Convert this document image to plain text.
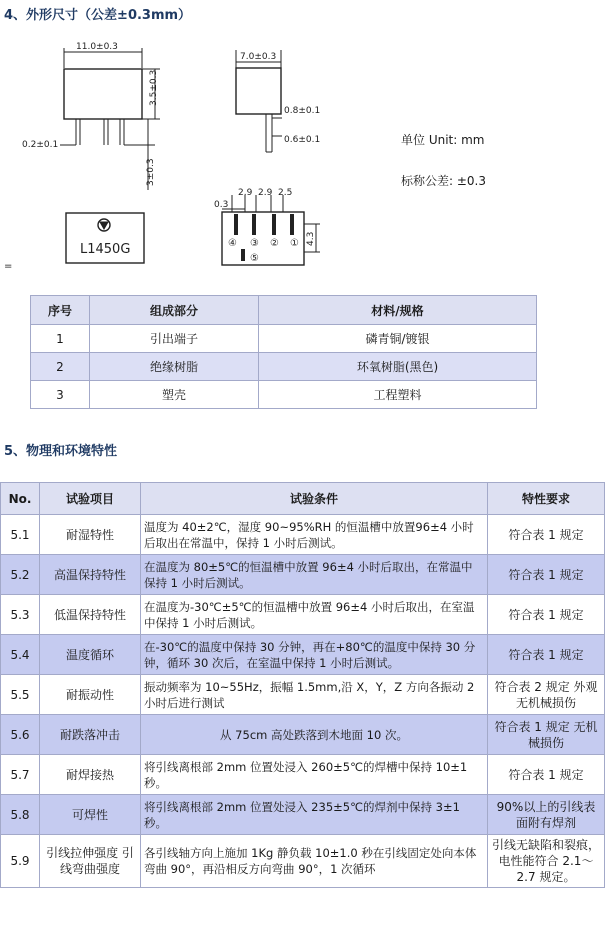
4、外形尺寸（公差±0.3mm）
11.0±0.3
3.5±0.3
0.2±0.1
3±0.3
7.0±0.3
0.8±0.1
0.6±0.1
L1450G
0.3
2.9 2.9 2.5
4.3
④ ③ ② ①
⑤
单位 Unit: mm
标称公差: ±0.3
=
序号	组成部分	材料/规格
1	引出端子	磷青铜/镀银
2	绝缘树脂	环氧树脂(黑色)
3	塑壳	工程塑料
5、物理和环境特性
No.	试验项目	试验条件	特性要求
5.1	耐湿特性	温度为 40±2℃，湿度 90~95%RH 的恒温槽中放置96±4 小时后取出在常温中，保持 1 小时后测试。	符合表 1 规定
5.2	高温保持特性	在温度为 80±5℃的恒温槽中放置 96±4 小时后取出，在常温中保持 1 小时后测试。	符合表 1 规定
5.3	低温保持特性	在温度为-30℃±5℃的恒温槽中放置 96±4 小时后取出，在室温中保持 1 小时后测试。	符合表 1 规定
5.4	温度循环	在-30℃的温度中保持 30 分钟，再在+80℃的温度中保持 30 分钟，循环 30 次后，在室温中保持 1 小时后测试。	符合表 1 规定
5.5	耐振动性	振动频率为 10~55Hz，振幅 1.5mm,沿 X，Y，Z 方向各振动 2 小时后进行测试	符合表 2 规定 外观无机械损伤
5.6	耐跌落冲击	从 75cm 高处跌落到木地面 10 次。	符合表 1 规定 无机械损伤
5.7	耐焊接热	将引线离根部 2mm 位置处浸入 260±5℃的焊槽中保持 10±1 秒。	符合表 1 规定
5.8	可焊性	将引线离根部 2mm 位置处浸入 235±5℃的焊剂中保持 3±1 秒。	90%以上的引线表面附有焊剂
5.9	引线拉伸强度 引线弯曲强度	各引线轴方向上施加 1Kg 静负载 10±1.0 秒在引线固定处向本体弯曲 90°，再沿相反方向弯曲 90°，1 次循环	引线无缺陷和裂痕，电性能符合 2.1～2.7 规定。
